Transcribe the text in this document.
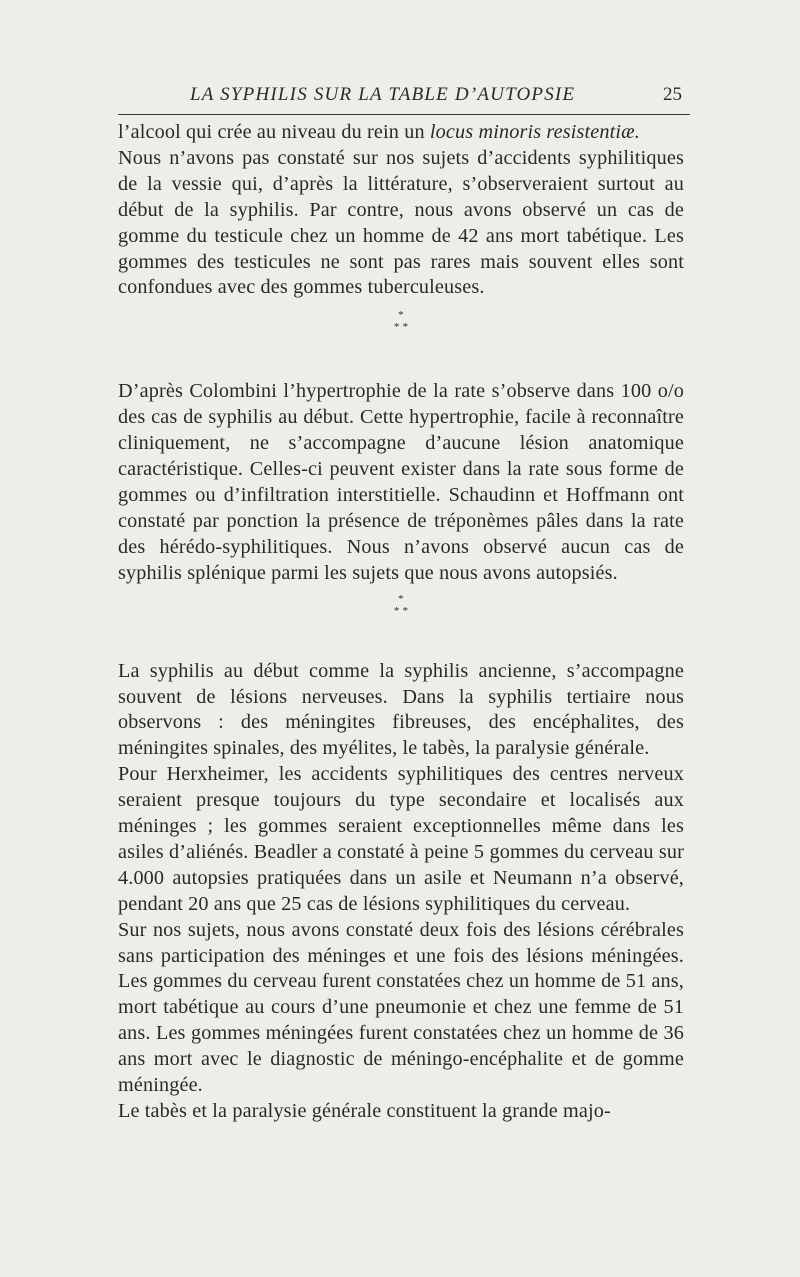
LA SYPHILIS SUR LA TABLE D’AUTOPSIE	25

l’alcool qui crée au niveau du rein un locus minoris resistentiæ.

Nous n’avons pas constaté sur nos sujets d’accidents syphilitiques de la vessie qui, d’après la littérature, s’observeraient surtout au début de la syphilis. Par contre, nous avons observé un cas de gomme du testicule chez un homme de 42 ans mort tabétique. Les gommes des testicules ne sont pas rares mais souvent elles sont confondues avec des gommes tuberculeuses.

*
* *

D’après Colombini l’hypertrophie de la rate s’observe dans 100 o/o des cas de syphilis au début. Cette hypertrophie, facile à reconnaître cliniquement, ne s’accompagne d’aucune lésion anatomique caractéristique. Celles-ci peuvent exister dans la rate sous forme de gommes ou d’infiltration interstitielle. Schaudinn et Hoffmann ont constaté par ponction la présence de tréponèmes pâles dans la rate des hérédo-syphilitiques. Nous n’avons observé aucun cas de syphilis splénique parmi les sujets que nous avons autopsiés.

*
* *

La syphilis au début comme la syphilis ancienne, s’accompagne souvent de lésions nerveuses. Dans la syphilis tertiaire nous observons : des méningites fibreuses, des encéphalites, des méningites spinales, des myélites, le tabès, la paralysie générale.

Pour Herxheimer, les accidents syphilitiques des centres nerveux seraient presque toujours du type secondaire et localisés aux méninges ; les gommes seraient exceptionnelles même dans les asiles d’aliénés. Beadler a constaté à peine 5 gommes du cerveau sur 4.000 autopsies pratiquées dans un asile et Neumann n’a observé, pendant 20 ans que 25 cas de lésions syphilitiques du cerveau.

Sur nos sujets, nous avons constaté deux fois des lésions cérébrales sans participation des méninges et une fois des lésions méningées. Les gommes du cerveau furent constatées chez un homme de 51 ans, mort tabétique au cours d’une pneumonie et chez une femme de 51 ans. Les gommes méningées furent constatées chez un homme de 36 ans mort avec le diagnostic de méningo-encéphalite et de gomme méningée.

Le tabès et la paralysie générale constituent la grande majo-
